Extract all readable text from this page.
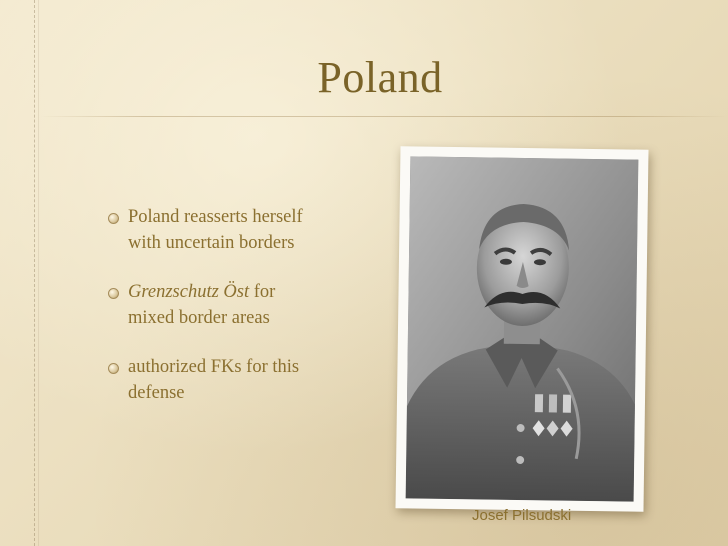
Poland
Poland reasserts herself
with uncertain borders
Grenzschutz Öst for
mixed border areas
authorized FKs for this
defense
Josef Pilsudski
